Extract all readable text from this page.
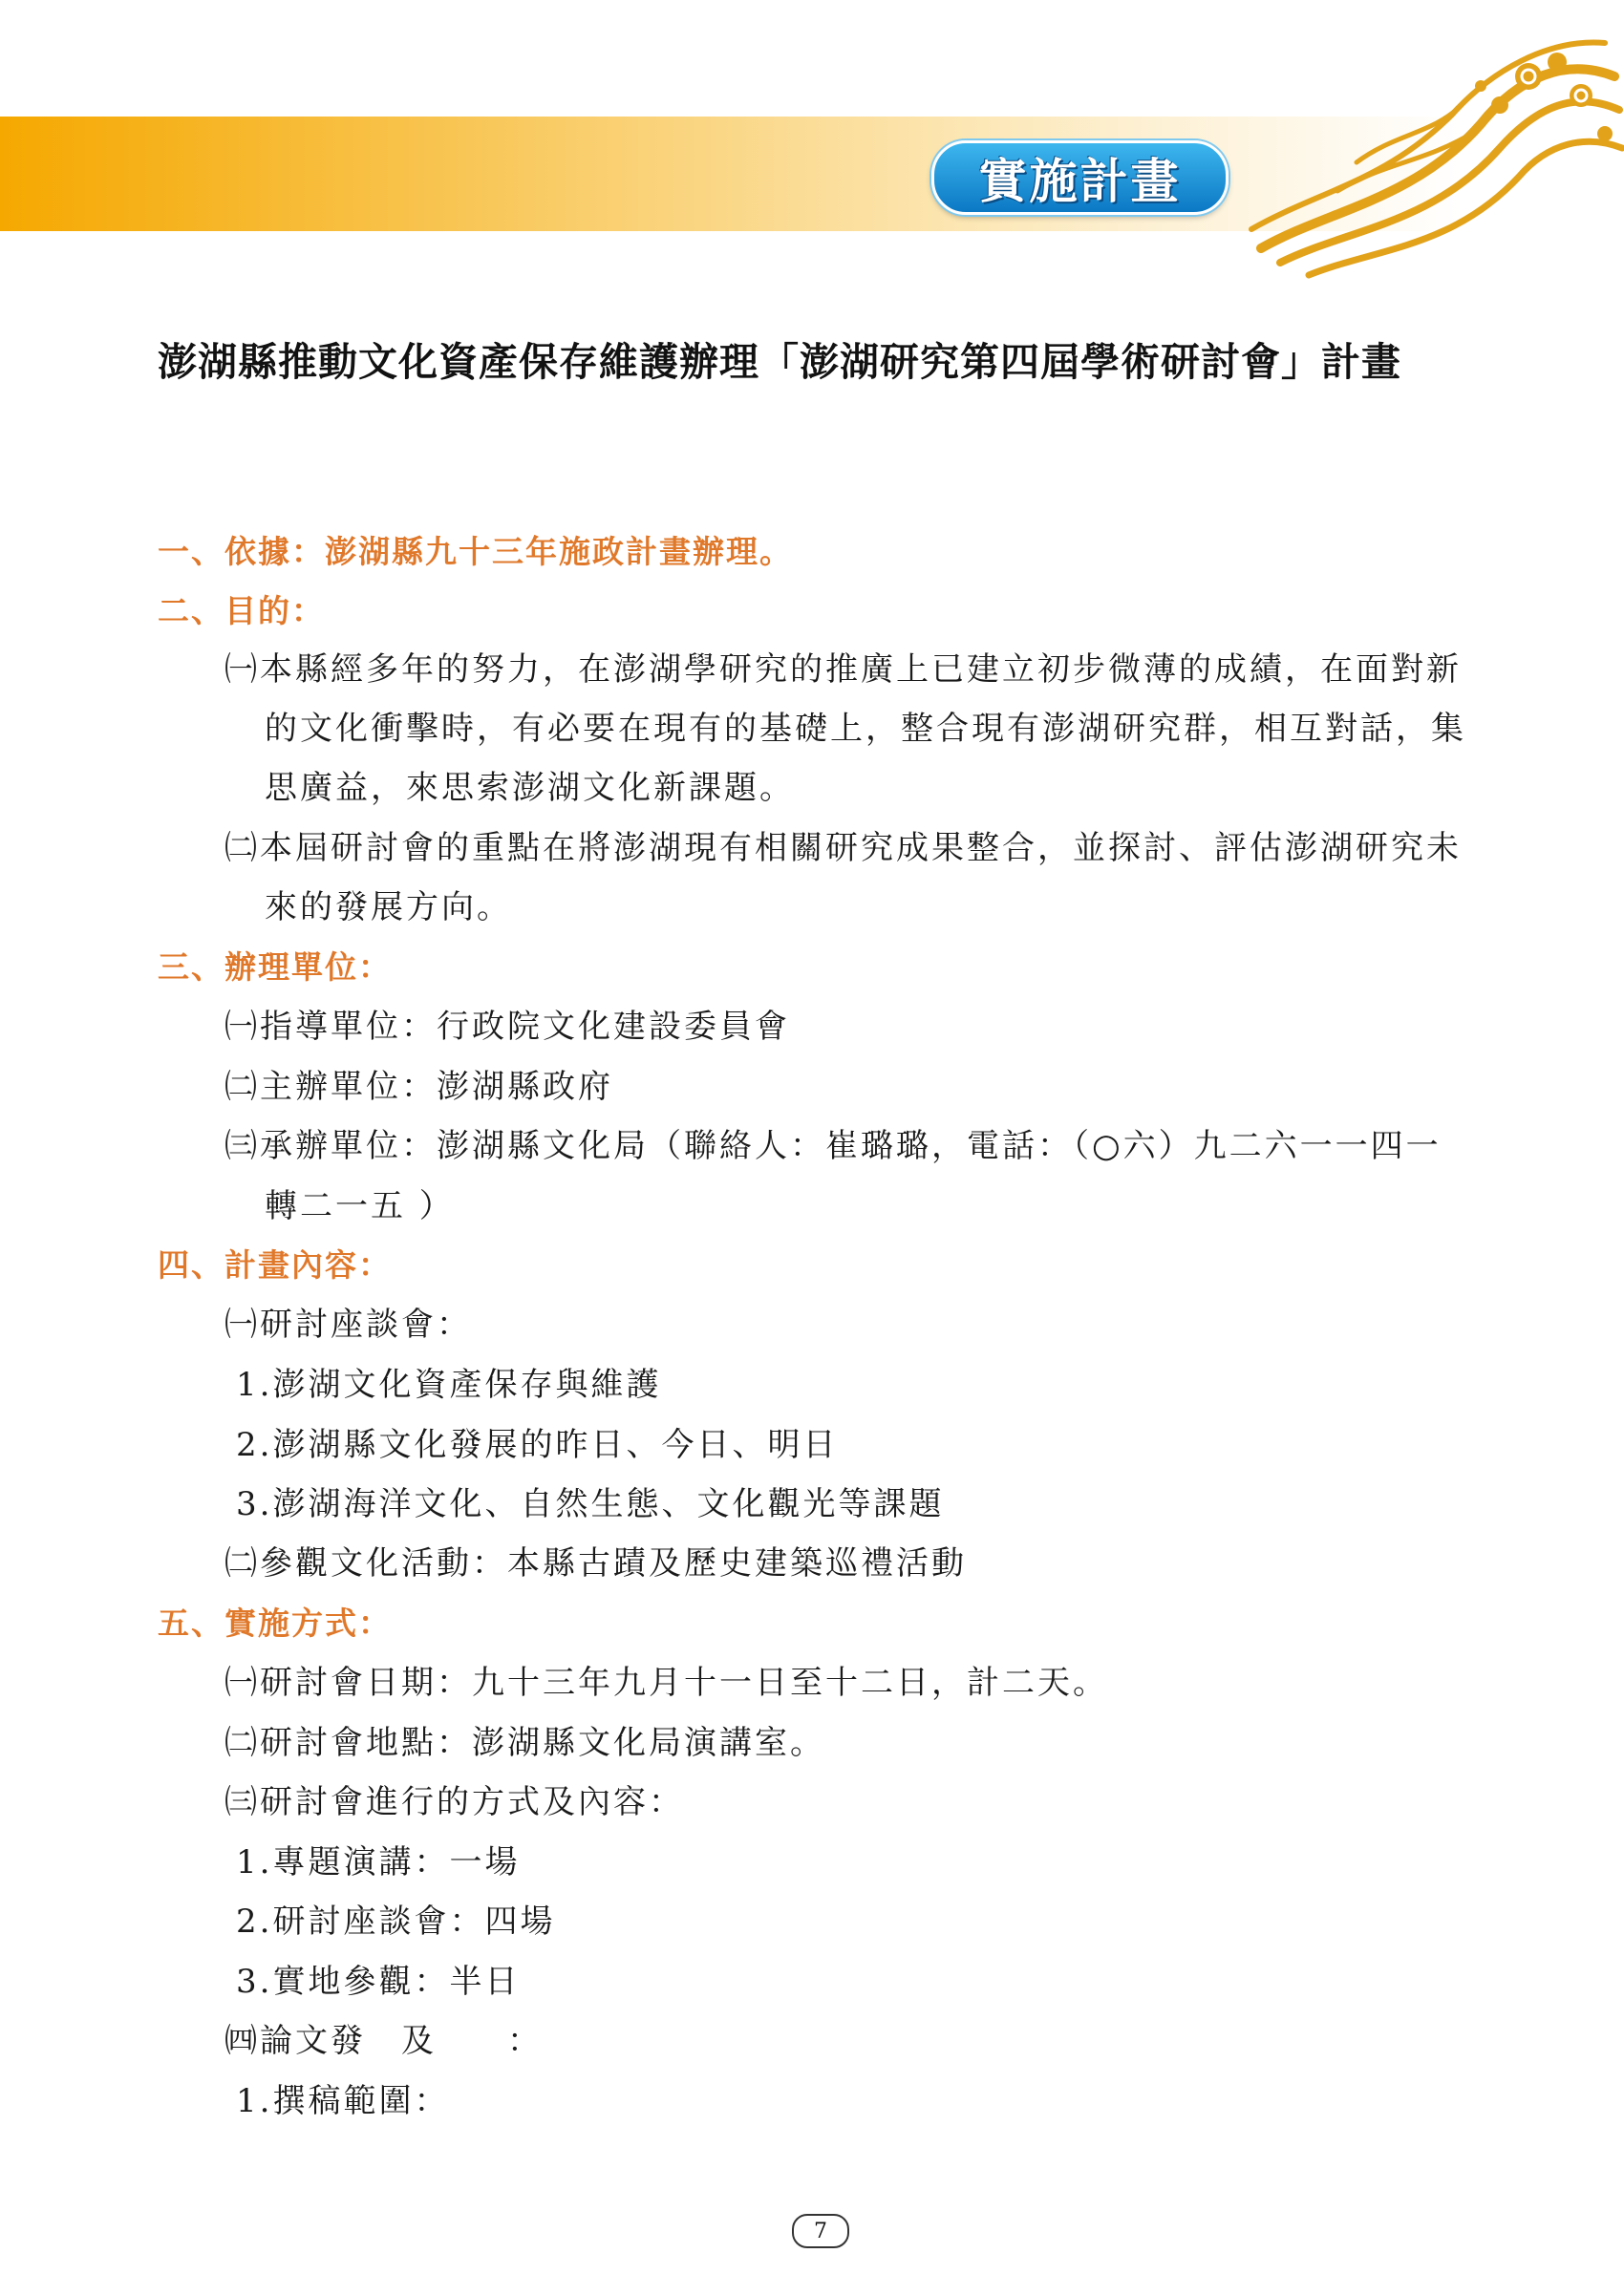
實施計畫
澎湖縣推動文化資產保存維護辦理「澎湖研究第四屆學術研討會」計畫
一、依據：澎湖縣九十三年施政計畫辦理。
二、目的：
㈠本縣經多年的努力，在澎湖學研究的推廣上已建立初步微薄的成績，在面對新
的文化衝擊時，有必要在現有的基礎上，整合現有澎湖研究群，相互對話，集
思廣益，來思索澎湖文化新課題。
㈡本屆研討會的重點在將澎湖現有相關研究成果整合，並探討、評估澎湖研究未
來的發展方向。
三、辦理單位：
㈠指導單位：行政院文化建設委員會
㈡主辦單位：澎湖縣政府
㈢承辦單位：澎湖縣文化局（聯絡人：崔璐璐，電話：（○六）九二六一一四一
轉二一五 ）
四、計畫內容：
㈠研討座談會：
1.澎湖文化資產保存與維護
2.澎湖縣文化發展的昨日、今日、明日
3.澎湖海洋文化、自然生態、文化觀光等課題
㈡參觀文化活動：本縣古蹟及歷史建築巡禮活動
五、實施方式：
㈠研討會日期：九十三年九月十一日至十二日，計二天。
㈡研討會地點：澎湖縣文化局演講室。
㈢研討會進行的方式及內容：
1.專題演講：一場
2.研討座談會：四場
3.實地參觀：半日
㈣論文發　及　　：
1.撰稿範圍：
7
